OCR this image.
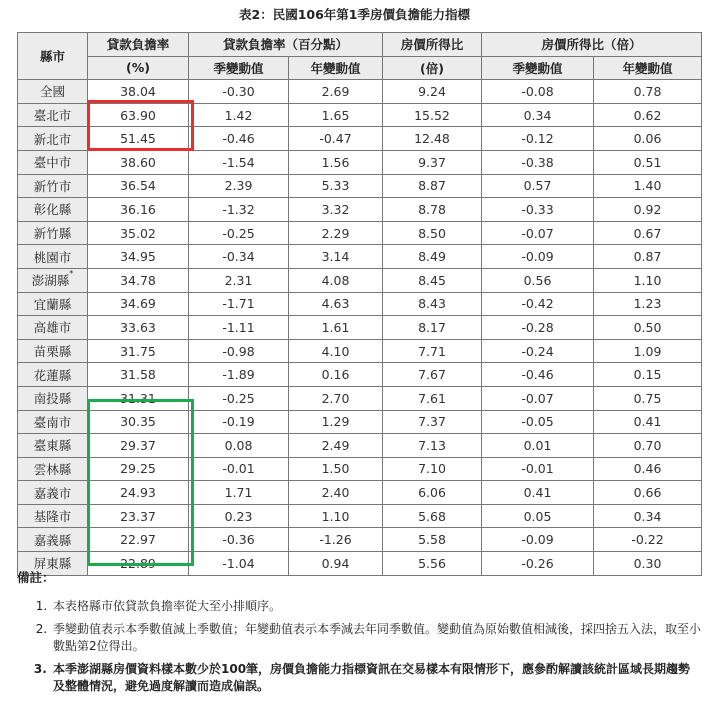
表2：民國106年第1季房價負擔能力指標
縣市	貸款負擔率	貸款負擔率（百分點）		房價所得比	房價所得比（倍）	
	(%)	季變動值	年變動值	(倍)	季變動值	年變動值
全國	38.04	-0.30	2.69	9.24	-0.08	0.78
臺北市	63.90	1.42	1.65	15.52	0.34	0.62
新北市	51.45	-0.46	-0.47	12.48	-0.12	0.06
臺中市	38.60	-1.54	1.56	9.37	-0.38	0.51
新竹市	36.54	2.39	5.33	8.87	0.57	1.40
彰化縣	36.16	-1.32	3.32	8.78	-0.33	0.92
新竹縣	35.02	-0.25	2.29	8.50	-0.07	0.67
桃園市	34.95	-0.34	3.14	8.49	-0.09	0.87
澎湖縣*	34.78	2.31	4.08	8.45	0.56	1.10
宜蘭縣	34.69	-1.71	4.63	8.43	-0.42	1.23
高雄市	33.63	-1.11	1.61	8.17	-0.28	0.50
苗栗縣	31.75	-0.98	4.10	7.71	-0.24	1.09
花蓮縣	31.58	-1.89	0.16	7.67	-0.46	0.15
南投縣	31.31	-0.25	2.70	7.61	-0.07	0.75
臺南市	30.35	-0.19	1.29	7.37	-0.05	0.41
臺東縣	29.37	0.08	2.49	7.13	0.01	0.70
雲林縣	29.25	-0.01	1.50	7.10	-0.01	0.46
嘉義市	24.93	1.71	2.40	6.06	0.41	0.66
基隆市	23.37	0.23	1.10	5.68	0.05	0.34
嘉義縣	22.97	-0.36	-1.26	5.58	-0.09	-0.22
屏東縣	22.89	-1.04	0.94	5.56	-0.26	0.30
備註：
1. 本表格縣市依貸款負擔率從大至小排順序。
2. 季變動值表示本季數值減上季數值；年變動值表示本季減去年同季數值。變動值為原始數值相減後，採四捨五入法，取至小數點第2位得出。
3. 本季澎湖縣房價資料樣本數少於100筆，房價負擔能力指標資訊在交易樣本有限情形下，應參酌解讀該統計區域長期趨勢及整體情況，避免過度解讀而造成偏誤。
